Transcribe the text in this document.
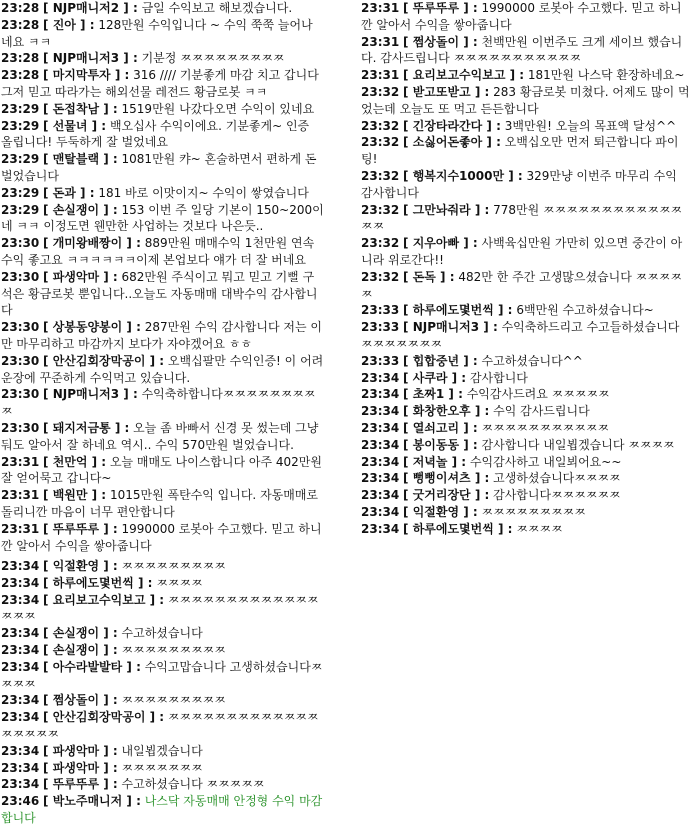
23:28 [ NJP매니저2 ] : 금일 수익보고 해보겠습니다.

23:28 [ 진아 ] : 128만원 수익입니다 ~ 수익 쭉쭉 늘어나네요 ㅋㅋ

23:28 [ NJP매니저3 ] : 기분정 ㅉㅉㅉㅉㅉㅉㅉㅉㅉ

23:28 [ 마지막투자 ] : 316 //// 기분좋게 마감 치고 갑니다 그저 믿고 따라가는 해외선물 레전드 황금로봇 ㅋㅋ

23:29 [ 돈접착남 ] : 1519만원 나갔다오면 수익이 있네요

23:29 [ 선물녀 ] : 백오십사 수익이에요. 기분좋게~ 인증 올립니다! 두둑하게 잘 벌었네요

23:29 [ 맨탈블랙 ] : 1081만원 캬~ 혼술하면서 편하게 돈 벌었습니다

23:29 [ 돈과 ] : 181 바로 이맛이지~ 수익이 쌓였습니다

23:29 [ 손실쟁이 ] : 153 이번 주 일당 기본이 150~200이네 ㅋㅋ 이정도면 웬만한 사업하는 것보다 나은듯..

23:30 [ 개미왕배짱이 ] : 889만원 매매수익 1천만원 연속 수익 좋고요 ㅋㅋㅋㅋㅋㅋ이제 본업보다 얘가 더 잘 버네요

23:30 [ 파생악마 ] : 682만원 주식이고 뭐고 믿고 기뻘 구석은 황금로봇 뿐입니다..오늘도 자동매매 대박수익 감사합니다

23:30 [ 상봉동양봉이 ] : 287만원 수익 감사합니다 저는 이만 마무리하고 마감까지 보다가 자야겠어요 ㅎㅎ

23:30 [ 안산김회장막공이 ] : 오백십팔만 수익인증! 이 어려운장에 꾸준하게 수익먹고 있습니다.

23:30 [ NJP매니저3 ] : 수익축하합니다ㅉㅉㅉㅉㅉㅉㅉㅉㅉ

23:30 [ 돼지저금통 ] : 오늘 좀 바빠서 신경 못 썼는데 그냥 둬도 알아서 잘 하네요 역시.. 수익 570만원 벌었습니다.

23:31 [ 천만억 ] : 오늘 매매도 나이스합니다 아주 402만원 잘 얻어묵고 갑니다~

23:31 [ 백원만 ] : 1015만원 폭탄수익 입니다. 자동매매로 돌리니깐 마음이 너무 편안합니다

23:31 [ 뚜루뚜루 ] : 1990000 로봇아 수고했다. 믿고 하니깐 알아서 수익을 쌓아줍니다

23:31 [ 뚜루뚜루 ] : 1990000 로봇아 수고했다. 믿고 하니깐 알아서 수익을 쌓아줍니다

23:31 [ 쩜상돌이 ] : 천백만원 이번주도 크게 세이브 했습니다. 감사드립니다 ㅉㅉㅉㅉㅉㅉㅉㅉㅉㅉㅉ

23:31 [ 요리보고수익보고 ] : 181만원 나스닥 환장하네요~

23:32 [ 받고또받고 ] : 283 황금로봇 미쳤다. 어제도 많이 먹었는데 오늘도 또 먹고 든든합니다

23:32 [ 긴장타라간다 ] : 3백만원! 오늘의 목표액 달성^^

23:32 [ 소싫어돈좋아 ] : 오백십오만 먼저 퇴근합니다 파이팅!

23:32 [ 행복지수1000만 ] : 329만냥 이번주 마무리 수익 감사합니다

23:32 [ 그만놔줘라 ] : 778만원 ㅉㅉㅉㅉㅉㅉㅉㅉㅉㅉㅉㅉㅉㅉ

23:32 [ 지우아빠 ] : 사백육십만원 가만히 있으면 중간이 아니라 위로간다!!

23:32 [ 돈독 ] : 482만 한 주간 고생많으셨습니다 ㅉㅉㅉㅉㅉ

23:33 [ 하루에도몇번씩 ] : 6백만원 수고하셨습니다~

23:33 [ NJP매니저3 ] : 수익축하드리고 수고들하셨습니다 ㅉㅉㅉㅉㅉㅉㅉ

23:33 [ 힙합중년 ] : 수고하셨습니다^^

23:34 [ 사쿠라 ] : 감사합니다

23:34 [ 초짜1 ] : 수익감사드려요 ㅉㅉㅉㅉㅉ

23:34 [ 화창한오후 ] : 수익 감사드립니다

23:34 [ 열쇠고리 ] : ㅉㅉㅉㅉㅉㅉㅉㅉㅉㅉㅉ

23:34 [ 봉이동동 ] : 감사합니다 내일뵙겠습니다 ㅉㅉㅉㅉ

23:34 [ 저녁놀 ] : 수익감사하고 내일뵈어요~~

23:34 [ 뻥뻥이셔츠 ] : 고생하셨습니다ㅉㅉㅉㅉ

23:34 [ 굿거리장단 ] : 감사합니다ㅉㅉㅉㅉㅉㅉ

23:34 [ 익절환영 ] : ㅉㅉㅉㅉㅉㅉㅉㅉㅉ

23:34 [ 하루에도몇번씩 ] : ㅉㅉㅉㅉ

23:34 [ 익절환영 ] : ㅉㅉㅉㅉㅉㅉㅉㅉㅉ

23:34 [ 하루에도몇번씩 ] : ㅉㅉㅉㅉ

23:34 [ 요리보고수익보고 ] : ㅉㅉㅉㅉㅉㅉㅉㅉㅉㅉㅉㅉㅉㅉㅉㅉ

23:34 [ 손실쟁이 ] : 수고하셨습니다

23:34 [ 손실쟁이 ] : ㅉㅉㅉㅉㅉㅉㅉㅉㅉ

23:34 [ 아수라발발타 ] : 수익고맙습니다 고생하셨습니다ㅉㅉㅉㅉ

23:34 [ 쩜상돌이 ] : ㅉㅉㅉㅉㅉㅉㅉㅉㅉ

23:34 [ 안산김회장막공이 ] : ㅉㅉㅉㅉㅉㅉㅉㅉㅉㅉㅉㅉㅉㅉㅉㅉㅉㅉ

23:34 [ 파생악마 ] : 내일뵙겠습니다

23:34 [ 파생악마 ] : ㅉㅉㅉㅉㅉㅉㅉ

23:34 [ 뚜루뚜루 ] : 수고하셨습니다 ㅉㅉㅉㅉㅉ

23:46 [ 박노주매니저 ] : 나스닥 자동매매 안정형 수익 마감합니다
